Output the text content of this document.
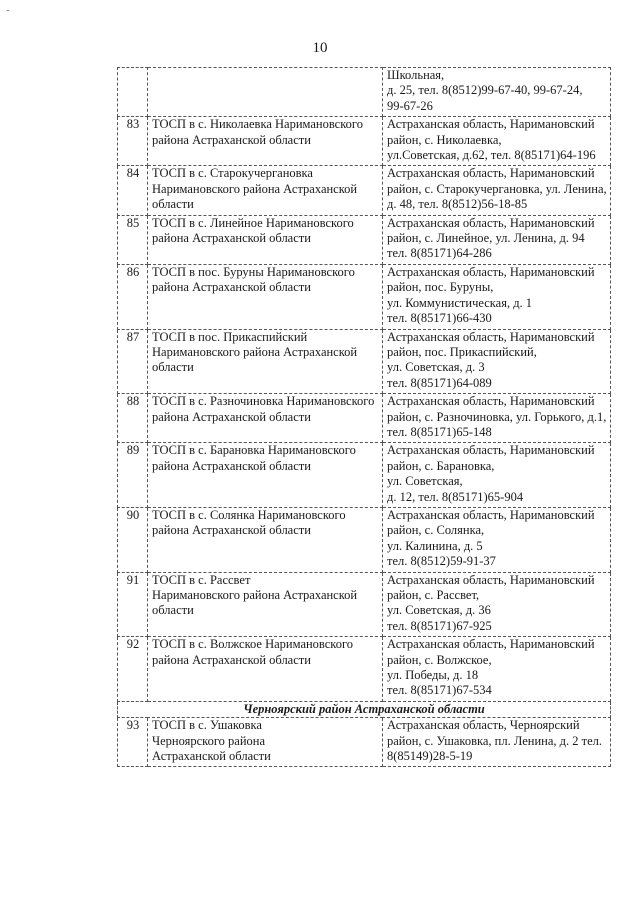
-
10
		Школьная,
д. 25, тел. 8(8512)99-67-40, 99-67-24,
99-67-26
83	ТОСП в с. Николаевка Наримановского района Астраханской области	Астраханская область, Наримановский район, с. Николаевка,
ул.Советская, д.62, тел. 8(85171)64-196
84	ТОСП в с. Старокучергановка Наримановского района Астраханской области	Астраханская область, Наримановский район, с. Старокучергановка, ул. Ленина, д. 48, тел. 8(8512)56-18-85
85	ТОСП в с. Линейное Наримановского района Астраханской области	Астраханская область, Наримановский район, с. Линейное, ул. Ленина, д. 94
тел. 8(85171)64-286
86	ТОСП в пос. Буруны Наримановского района Астраханской области	Астраханская область, Наримановский район, пос. Буруны,
ул. Коммунистическая, д. 1
тел. 8(85171)66-430
87	ТОСП в пос. Прикаспийский Наримановского района Астраханской области	Астраханская область, Наримановский район, пос. Прикаспийский,
ул. Советская, д. 3
тел. 8(85171)64-089
88	ТОСП в с. Разночиновка Наримановского района Астраханской области	Астраханская область, Наримановский район, с. Разночиновка, ул. Горького, д.1, тел. 8(85171)65-148
89	ТОСП в с. Барановка Наримановского района Астраханской области	Астраханская область, Наримановский район, с. Барановка,
ул. Советская,
д. 12, тел. 8(85171)65-904
90	ТОСП в с. Солянка Наримановского района Астраханской области	Астраханская область, Наримановский район, с. Солянка,
ул. Калинина, д. 5
тел. 8(8512)59-91-37
91	ТОСП в с. Рассвет
Наримановского района Астраханской области	Астраханская область, Наримановский район, с. Рассвет,
ул. Советская, д. 36
тел. 8(85171)67-925
92	ТОСП в с. Волжское Наримановского района Астраханской области	Астраханская область, Наримановский район, с. Волжское,
ул. Победы, д. 18
тел. 8(85171)67-534
Черноярский район Астраханской области		
93	ТОСП в с. Ушаковка
Черноярского района
Астраханской области	Астраханская область, Черноярский район, с. Ушаковка, пл. Ленина, д. 2 тел. 8(85149)28-5-19
